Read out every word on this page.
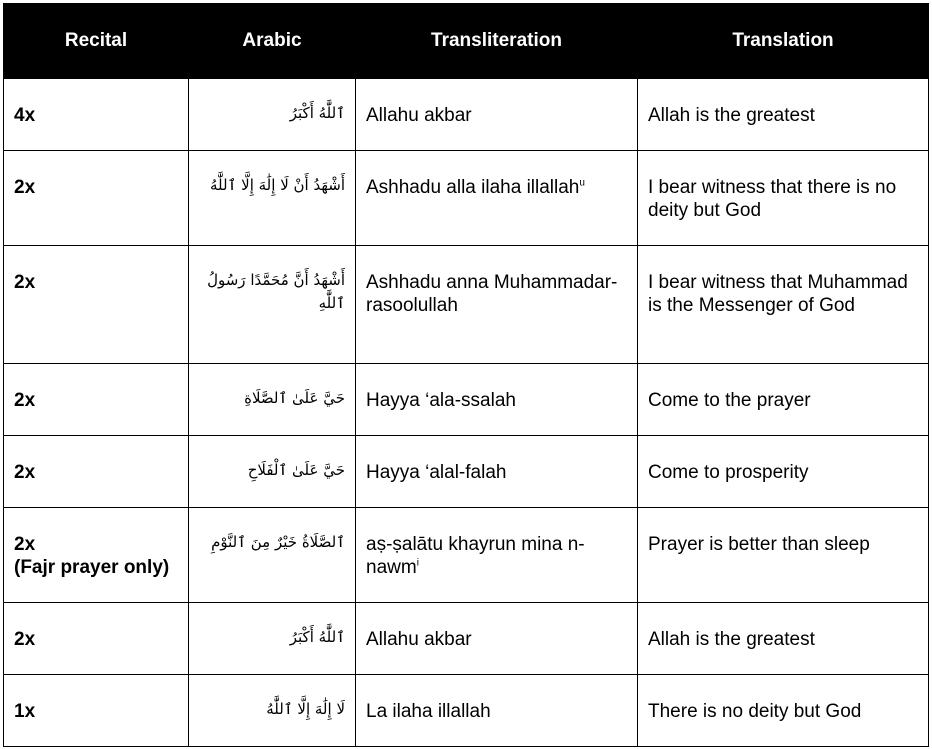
Recital	Arabic	Transliteration	Translation

4x	ٱللَّٰهُ أَكْبَرُ	Allahu akbar	Allah is the greatest

2x	أَشْهَدُ أَنْ لَا إِلَٰهَ إِلَّا ٱللَّٰهُ	Ashhadu alla ilaha illallah$^u$	I bear witness that there is no deity but God

2x	أَشْهَدُ أَنَّ مُحَمَّدًا رَسُولُ ٱللَّٰهِ	Ashhadu anna Muhammadar-rasoolullah	I bear witness that Muhammad is the Messenger of God

2x	حَيَّ عَلَىٰ ٱلصَّلَاةِ	Hayya ‘ala-ssalah	Come to the prayer

2x	حَيَّ عَلَىٰ ٱلْفَلَاحِ	Hayya ‘alal-falah	Come to prosperity

2x
(Fajr prayer only)	ٱلصَّلَاةُ خَيْرٌ مِنَ ٱلنَّوْمِ	aṣ-ṣalātu khayrun mina n-nawm$^i$	Prayer is better than sleep

2x	ٱللَّٰهُ أَكْبَرُ	Allahu akbar	Allah is the greatest

1x	لَا إِلَٰهَ إِلَّا ٱللَّٰهُ	La ilaha illallah	There is no deity but God
